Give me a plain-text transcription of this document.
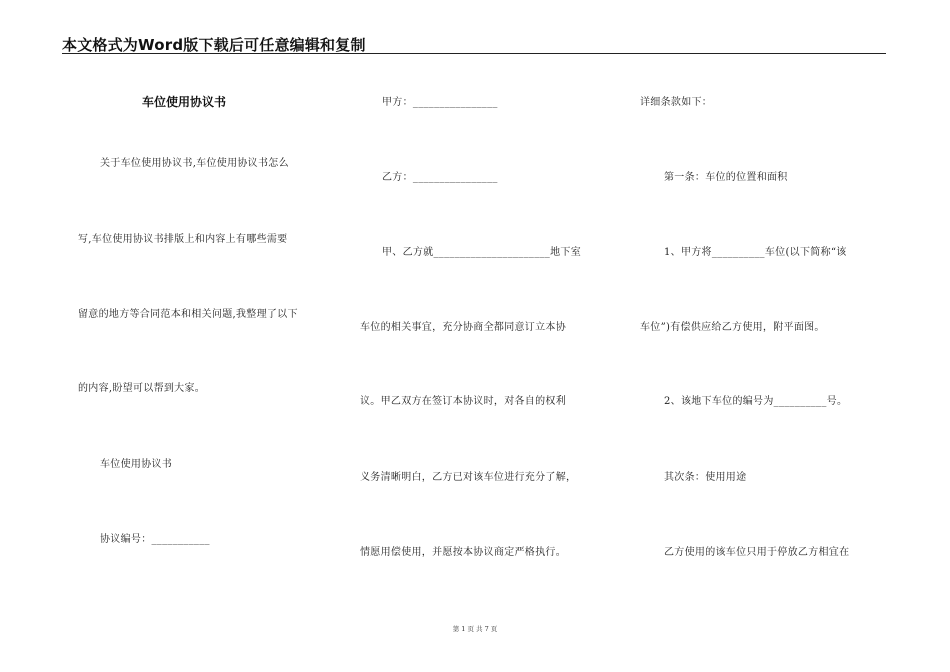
本文格式为Word版下载后可任意编辑和复制
车位使用协议书
关于车位使用协议书,车位使用协议书怎么
写,车位使用协议书排版上和内容上有哪些需要
留意的地方等合同范本和相关问题,我整理了以下
的内容,盼望可以帮到大家。
车位使用协议书
协议编号：___________
甲方：________________
乙方：________________
甲、乙方就______________________地下室
车位的相关事宜，充分协商全都同意订立本协
议。甲乙双方在签订本协议时，对各自的权利
义务清晰明白，乙方已对该车位进行充分了解，
情愿用偿使用，并愿按本协议商定严格执行。
详细条款如下：
第一条：车位的位置和面积
1、甲方将__________车位(以下简称“该
车位”)有偿供应给乙方使用，附平面图。
2、该地下车位的编号为__________号。
其次条：使用用途
乙方使用的该车位只用于停放乙方相宜在
第 1 页 共 7 页
